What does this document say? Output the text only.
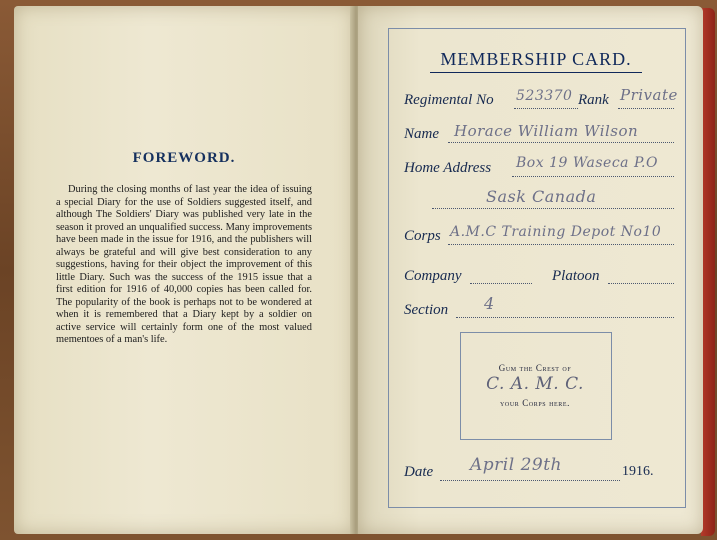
FOREWORD.

During the closing months of last year the idea of issuing a special Diary for the use of Soldiers suggested itself, and although The Soldiers' Diary was published very late in the season it proved an unqualified success. Many improvements have been made in the issue for 1916, and the publishers will always be grateful and will give best consideration to any suggestions, having for their object the improvement of this little Diary. Such was the success of the 1915 issue that a first edition for 1916 of 40,000 copies has been called for. The popularity of the book is perhaps not to be wondered at when it is remembered that a Diary kept by a soldier on active service will certainly form one of the most valued mementoes of a man's life.

MEMBERSHIP CARD.
Regimental No 523370 Rank Private
Name Horace William Wilson
Home Address Box 19 Waseca P.O
Sask Canada
Corps A.M.C Training Depot No10
Company	Platoon
Section 4
Gum the Crest of
C. A. M. C.
your Corps here.
Date April 29th	1916.
